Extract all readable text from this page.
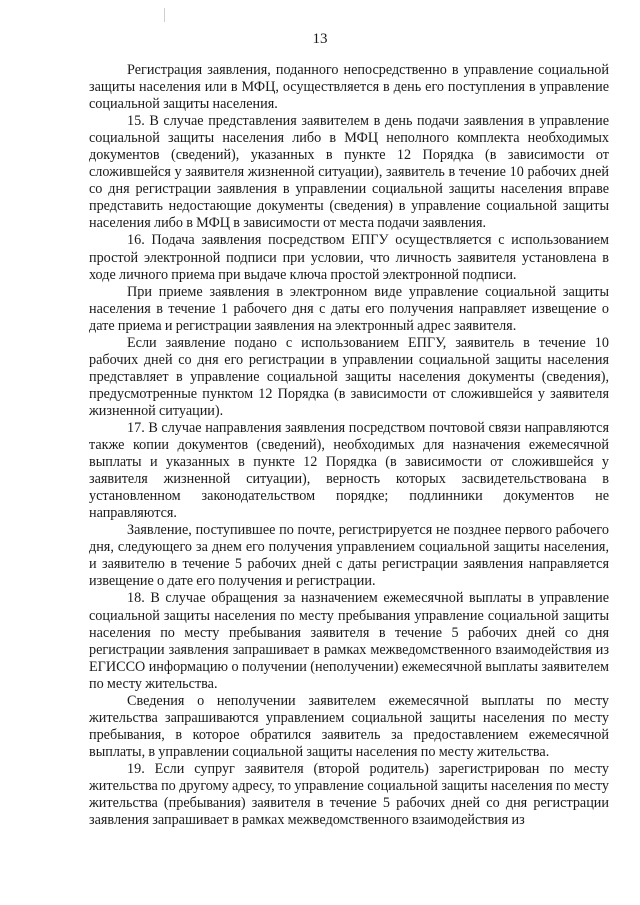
13

Регистрация заявления, поданного непосредственно в управление социальной защиты населения или в МФЦ, осуществляется в день его поступления в управление социальной защиты населения.

15. В случае представления заявителем в день подачи заявления в управление социальной защиты населения либо в МФЦ неполного комплекта необходимых документов (сведений), указанных в пункте 12 Порядка (в зависимости от сложившейся у заявителя жизненной ситуации), заявитель в течение 10 рабочих дней со дня регистрации заявления в управлении социальной защиты населения вправе представить недостающие документы (сведения) в управление социальной защиты населения либо в МФЦ в зависимости от места подачи заявления.

16. Подача заявления посредством ЕПГУ осуществляется с использованием простой электронной подписи при условии, что личность заявителя установлена в ходе личного приема при выдаче ключа простой электронной подписи.

При приеме заявления в электронном виде управление социальной защиты населения в течение 1 рабочего дня с даты его получения направляет извещение о дате приема и регистрации заявления на электронный адрес заявителя.

Если заявление подано с использованием ЕПГУ, заявитель в течение 10 рабочих дней со дня его регистрации в управлении социальной защиты населения представляет в управление социальной защиты населения документы (сведения), предусмотренные пунктом 12 Порядка (в зависимости от сложившейся у заявителя жизненной ситуации).

17. В случае направления заявления посредством почтовой связи направляются также копии документов (сведений), необходимых для назначения ежемесячной выплаты и указанных в пункте 12 Порядка (в зависимости от сложившейся у заявителя жизненной ситуации), верность которых засвидетельствована в установленном законодательством порядке; подлинники документов не направляются.

Заявление, поступившее по почте, регистрируется не позднее первого рабочего дня, следующего за днем его получения управлением социальной защиты населения, и заявителю в течение 5 рабочих дней с даты регистрации заявления направляется извещение о дате его получения и регистрации.

18. В случае обращения за назначением ежемесячной выплаты в управление социальной защиты населения по месту пребывания управление социальной защиты населения по месту пребывания заявителя в течение 5 рабочих дней со дня регистрации заявления запрашивает в рамках межведомственного взаимодействия из ЕГИССО информацию о получении (неполучении) ежемесячной выплаты заявителем по месту жительства.

Сведения о неполучении заявителем ежемесячной выплаты по месту жительства запрашиваются управлением социальной защиты населения по месту пребывания, в которое обратился заявитель за предоставлением ежемесячной выплаты, в управлении социальной защиты населения по месту жительства.

19. Если супруг заявителя (второй родитель) зарегистрирован по месту жительства по другому адресу, то управление социальной защиты населения по месту жительства (пребывания) заявителя в течение 5 рабочих дней со дня регистрации заявления запрашивает в рамках межведомственного взаимодействия из
